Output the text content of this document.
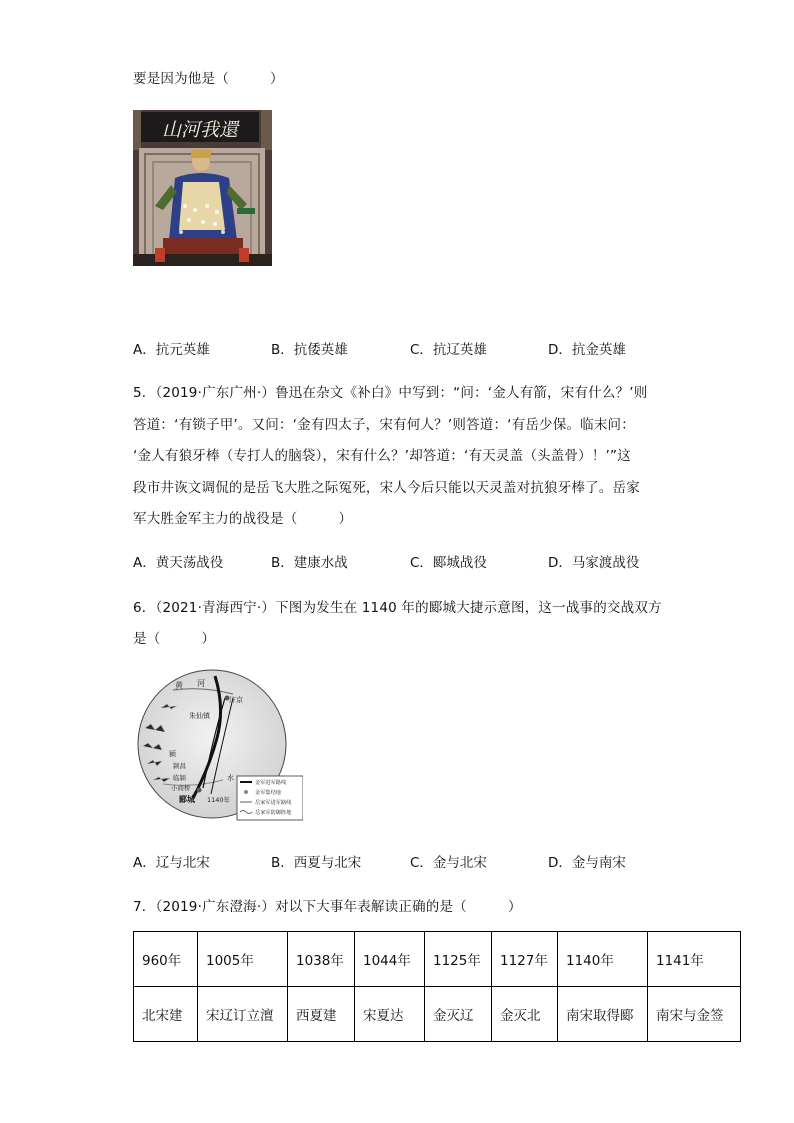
要是因为他是（　　　）
山河我還
A．抗元英雄	B．抗倭英雄	C．抗辽英雄	D．抗金英雄
5．（2019·广东广州·）鲁迅在杂文《补白》中写到：“问：‘金人有箭，宋有什么？’则
答道：‘有锁子甲’。又问：‘金有四太子，宋有何人？’则答道：‘有岳少保。临末问：
‘金人有狼牙棒（专打人的脑袋），宋有什么？’却答道：‘有天灵盖（头盖骨）！’”这
段市井诙文调侃的是岳飞大胜之际冤死，宋人今后只能以天灵盖对抗狼牙棒了。岳家
军大胜金军主力的战役是（　　　）
A．黄天荡战役	B．建康水战	C．郾城战役	D．马家渡战役
6．（2021·青海西宁·）下图为发生在 1140 年的郾城大捷示意图，这一战事的交战双方
是（　　　）
黄 河
汴京
朱仙镇
颍
水
颍昌
临颍
小商桥
郾城 1140年
金军进军路线
金军集结地
岳家军进军路线
岳家军防御阵地
A．辽与北宋	B．西夏与北宋	C．金与北宋	D．金与南宋
7．（2019·广东澄海·）对以下大事年表解读正确的是（　　　）
960年	1005年	1038年	1044年	1125年	1127年	1140年	1141年
北宋建	宋辽订立澶	西夏建	宋夏达	金灭辽	金灭北	南宋取得郾	南宋与金签
